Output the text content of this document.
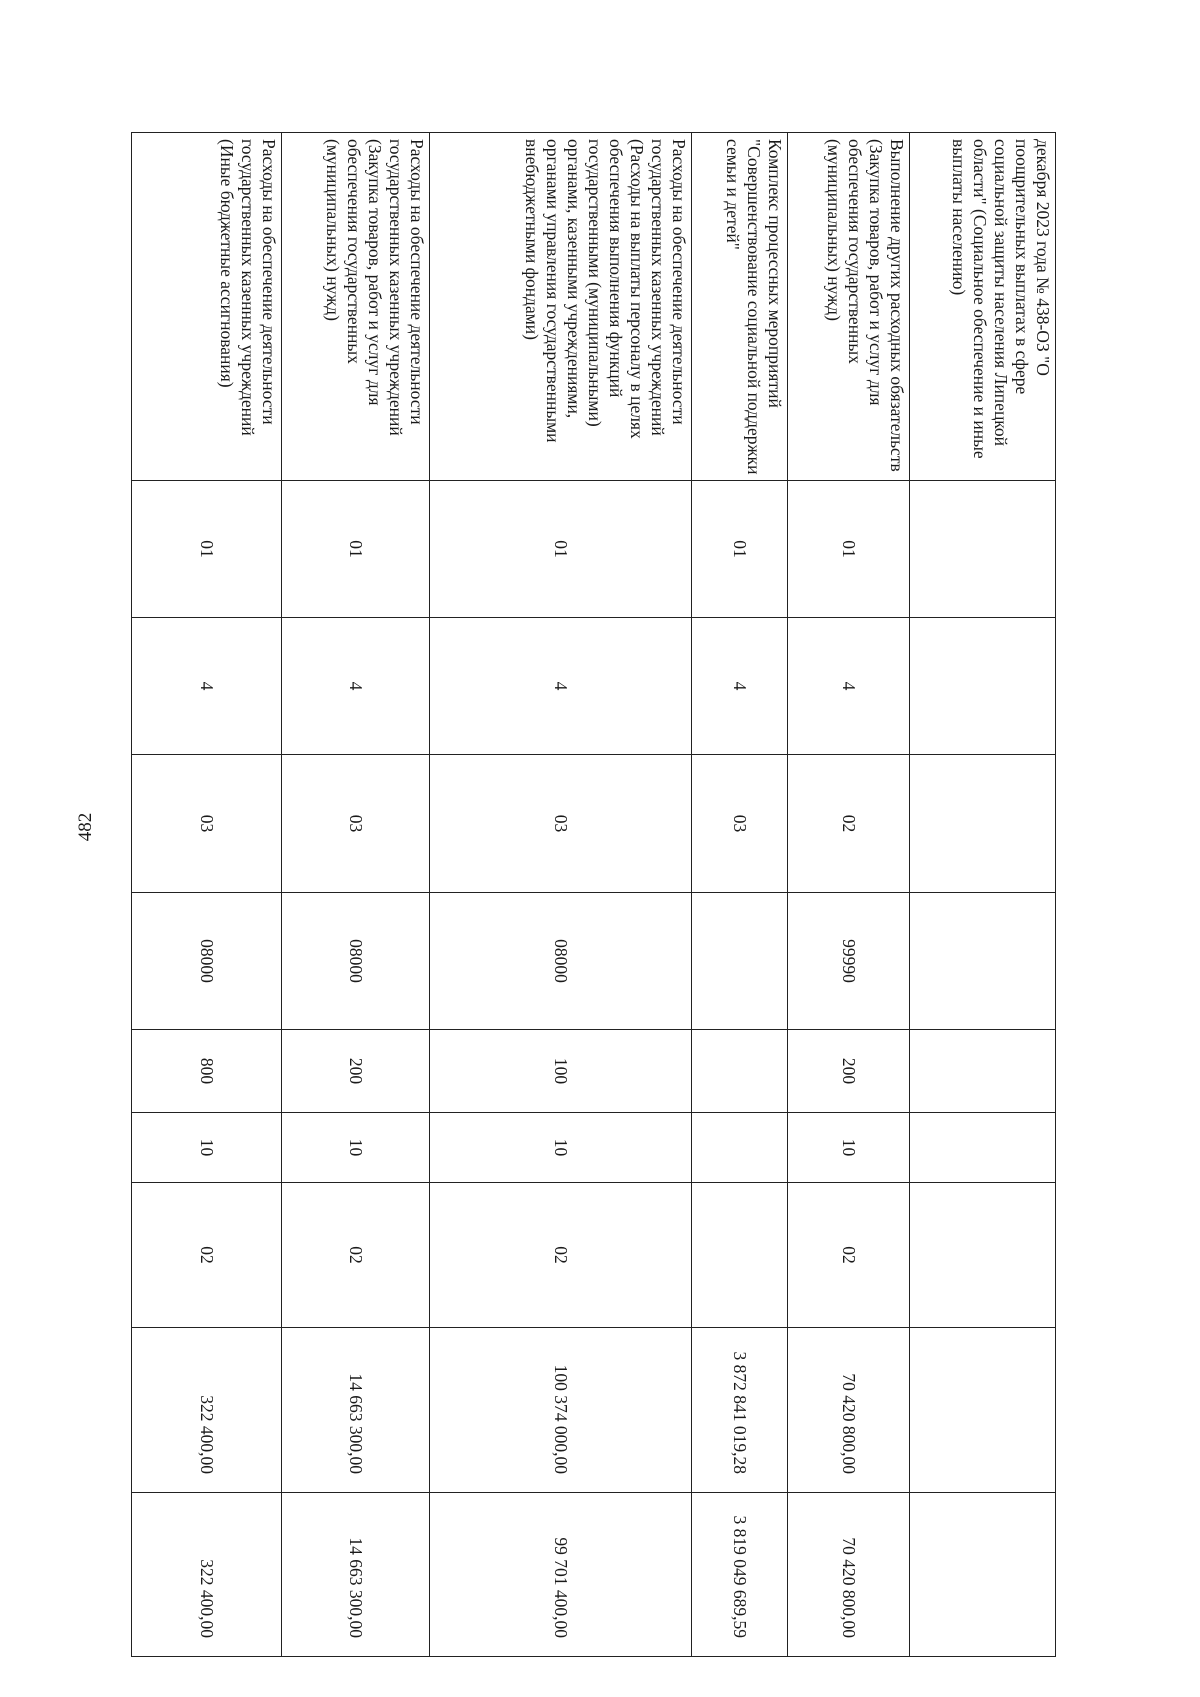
482
декабря 2023 года № 438-ОЗ "О поощрительных выплатах в сфере социальной защиты населения Липецкой области" (Социальное обеспечение и иные выплаты населению)										
Выполнение других расходных обязательств (Закупка товаров, работ и услуг для обеспечения государственных (муниципальных) нужд)	01	4	02	99990	200	10	02	70 420 800,00	70 420 800,00	
Комплекс процессных мероприятий "Совершенствование социальной поддержки семьи и детей"	01	4	03					3 872 841 019,28	3 819 049 689,59	
Расходы на обеспечение деятельности государственных казенных учреждений (Расходы на выплаты персоналу в целях обеспечения выполнения функций государственными (муниципальными) органами, казенными учреждениями, органами управления государственными внебюджетными фондами)	01	4	03	08000	100	10	02	100 374 000,00	99 701 400,00	
Расходы на обеспечение деятельности государственных казенных учреждений (Закупка товаров, работ и услуг для обеспечения государственных (муниципальных) нужд)	01	4	03	08000	200	10	02	14 663 300,00	14 663 300,00	
Расходы на обеспечение деятельности государственных казенных учреждений (Иные бюджетные ассигнования)	01	4	03	08000	800	10	02	322 400,00	322 400,00	
